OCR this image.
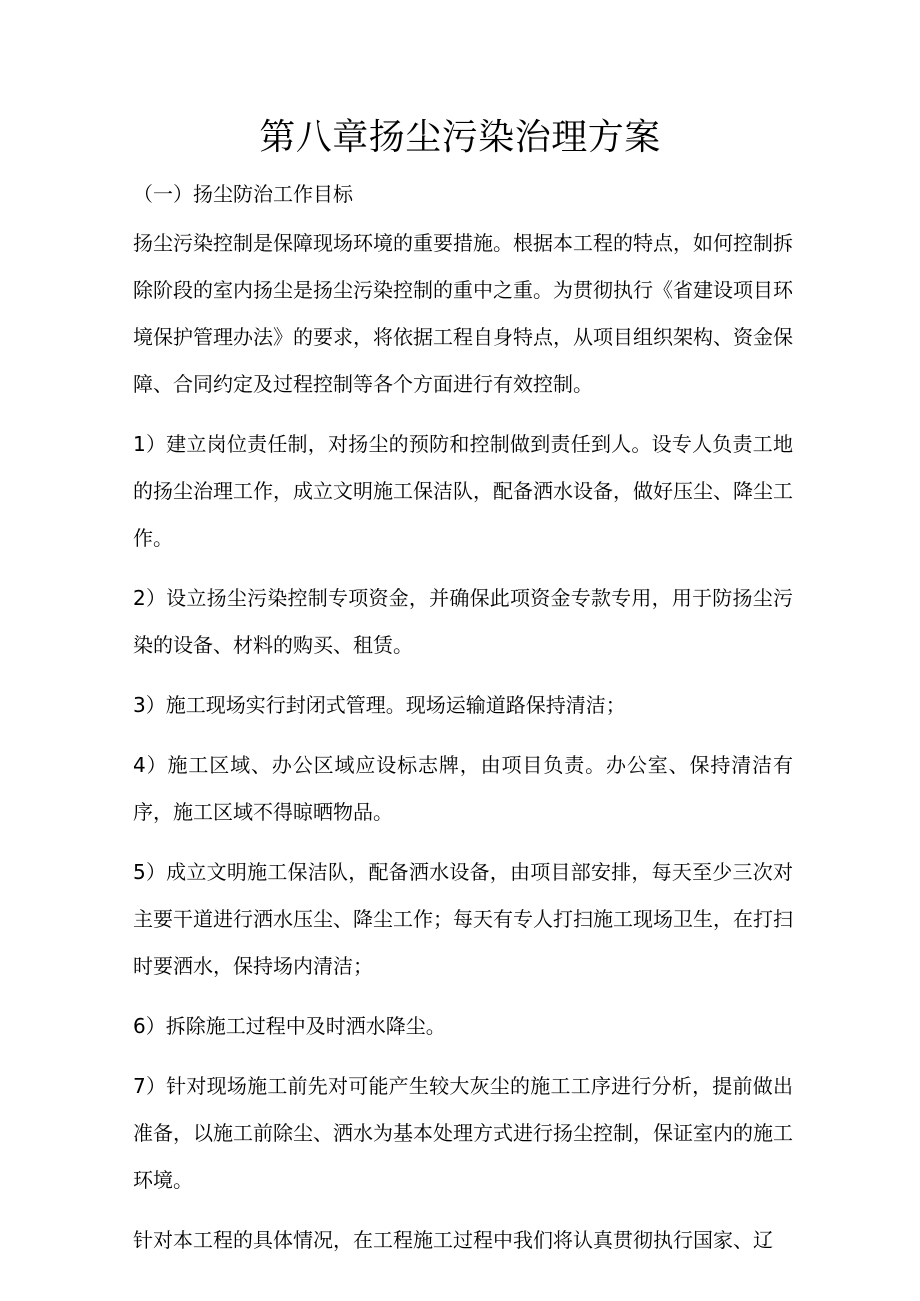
第八章扬尘污染治理方案

（一）扬尘防治工作目标

扬尘污染控制是保障现场环境的重要措施。根据本工程的特点，如何控制拆除阶段的室内扬尘是扬尘污染控制的重中之重。为贯彻执行《省建设项目环境保护管理办法》的要求，将依据工程自身特点，从项目组织架构、资金保障、合同约定及过程控制等各个方面进行有效控制。

1）建立岗位责任制，对扬尘的预防和控制做到责任到人。设专人负责工地的扬尘治理工作，成立文明施工保洁队，配备洒水设备，做好压尘、降尘工作。

2）设立扬尘污染控制专项资金，并确保此项资金专款专用，用于防扬尘污染的设备、材料的购买、租赁。

3）施工现场实行封闭式管理。现场运输道路保持清洁；

4）施工区域、办公区域应设标志牌，由项目负责。办公室、保持清洁有序，施工区域不得晾晒物品。

5）成立文明施工保洁队，配备洒水设备，由项目部安排，每天至少三次对主要干道进行洒水压尘、降尘工作；每天有专人打扫施工现场卫生，在打扫时要洒水，保持场内清洁；

6）拆除施工过程中及时洒水降尘。

7）针对现场施工前先对可能产生较大灰尘的施工工序进行分析，提前做出准备，以施工前除尘、洒水为基本处理方式进行扬尘控制，保证室内的施工环境。

针对本工程的具体情况，在工程施工过程中我们将认真贯彻执行国家、辽
